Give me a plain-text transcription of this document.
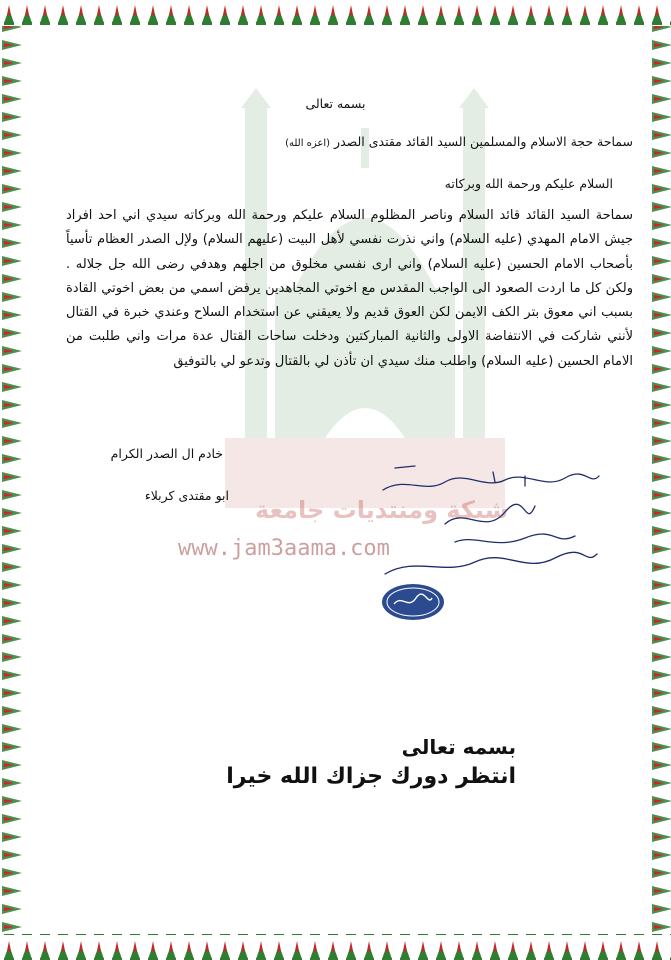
شبكة ومنتديات جامعة
www.jam3aama.com
بسمه تعالى
سماحة حجة الاسلام والمسلمين السيد القائد مقتدى الصدر (اعزه الله)
السلام عليكم ورحمة الله وبركاته
سماحة السيد القائد قائد السلام وناصر المظلوم السلام عليكم ورحمة الله وبركاته سيدي اني احد افراد جيش الامام المهدي (عليه السلام) واني نذرت نفسي لأهل البيت (عليهم السلام) ولإل الصدر العظام تأسياً بأصحاب الامام الحسين (عليه السلام) واني ارى نفسي مخلوق من اجلهم وهدفي رضى الله جل جلاله . ولكن كل ما اردت الصعود الى الواجب المقدس مع اخوتي المجاهدين يرفض اسمي من بعض اخوتي القادة بسبب اني معوق بتر الكف الايمن لكن العوق قديم ولا يعيقني عن استخدام السلاح وعندي خبرة في القتال لأنني شاركت في الانتفاضة الاولى والثانية المباركتين ودخلت ساحات القتال عدة مرات واني طلبت من الامام الحسين (عليه السلام) واطلب منك سيدي ان تأذن لي بالقتال وتدعو لي بالتوفيق
خادم ال الصدر الكرام
ابو مقتدى كربلاء
بسمه تعالى
انتظر دورك جزاك الله خيرا
